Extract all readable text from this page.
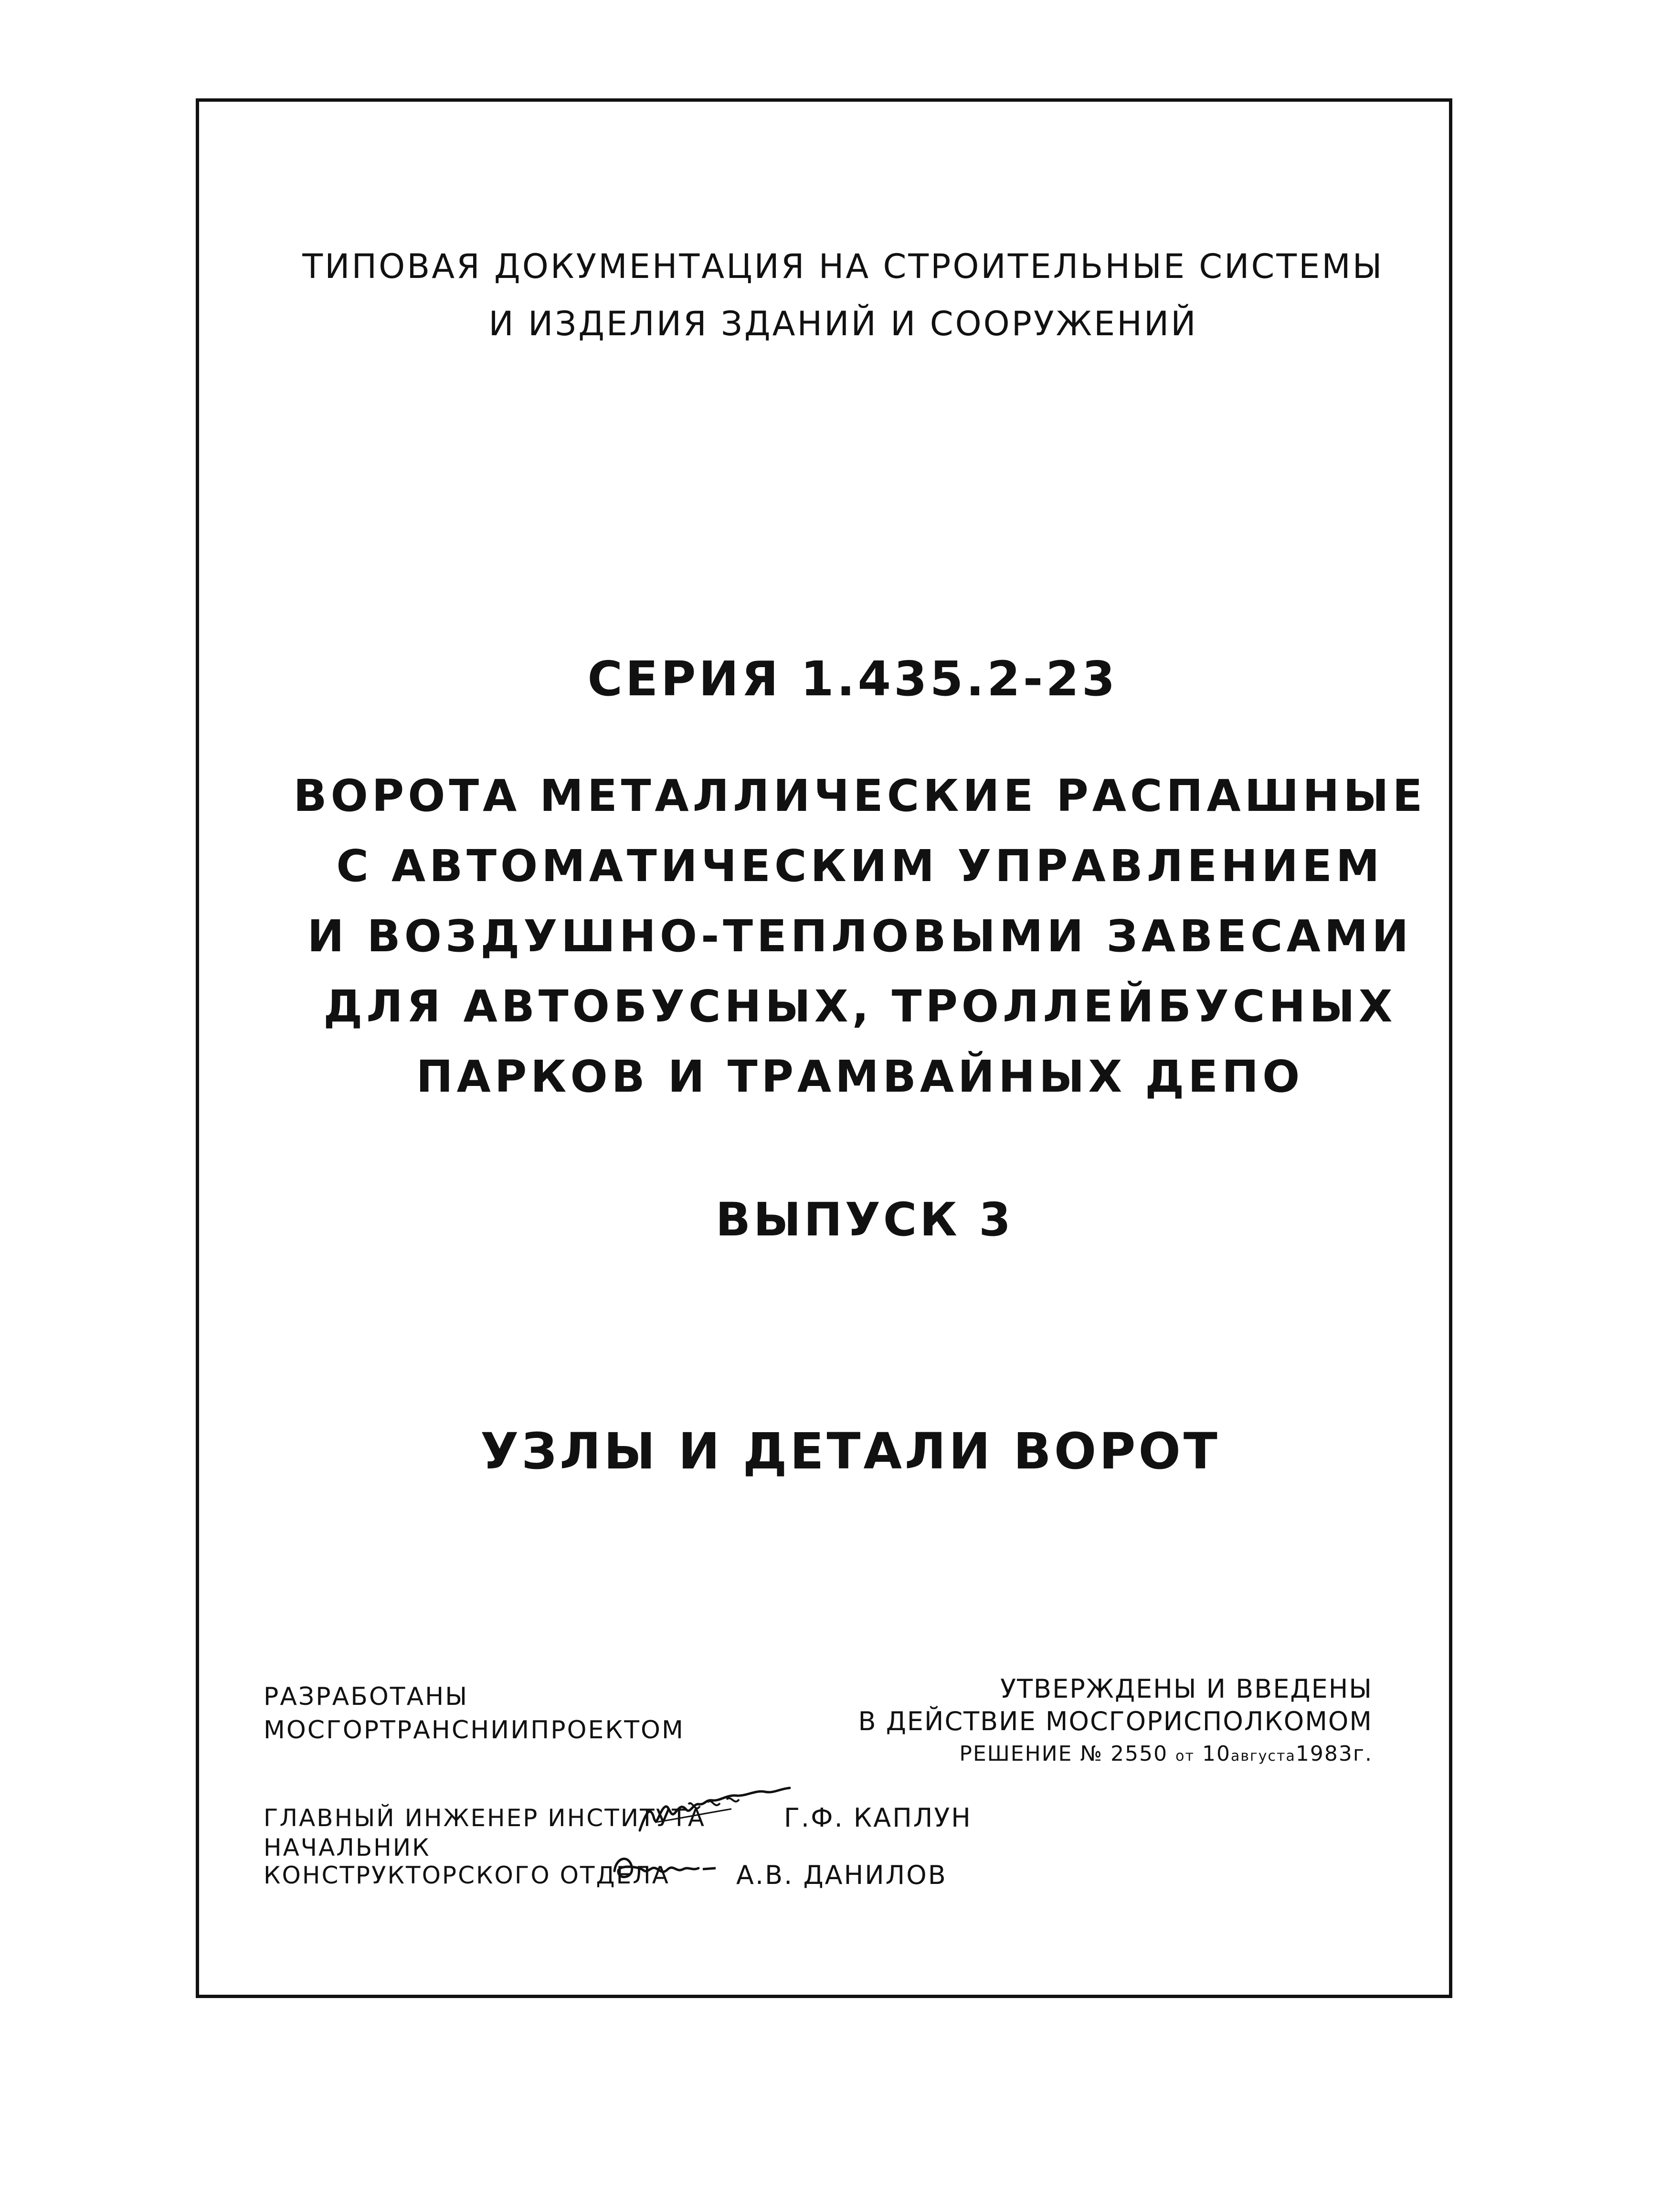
ТИПОВАЯ ДОКУМЕНТАЦИЯ НА СТРОИТЕЛЬНЫЕ СИСТЕМЫ
И ИЗДЕЛИЯ ЗДАНИЙ И СООРУЖЕНИЙ
СЕРИЯ 1.435.2-23
ВОРОТА МЕТАЛЛИЧЕСКИЕ РАСПАШНЫЕ
С АВТОМАТИЧЕСКИМ УПРАВЛЕНИЕМ
И ВОЗДУШНО-ТЕПЛОВЫМИ ЗАВЕСАМИ
ДЛЯ АВТОБУСНЫХ, ТРОЛЛЕЙБУСНЫХ
ПАРКОВ И ТРАМВАЙНЫХ ДЕПО
ВЫПУСК 3
УЗЛЫ И ДЕТАЛИ ВОРОТ
РАЗРАБОТАНЫ
МОСГОРТРАНСНИИПРОЕКТОМ
УТВЕРЖДЕНЫ И ВВЕДЕНЫ
В ДЕЙСТВИЕ МОСГОРИСПОЛКОМОМ
РЕШЕНИЕ № 2550 от 10августа1983г.
ГЛАВНЫЙ ИНЖЕНЕР ИНСТИТУТА	Г.Ф. КАПЛУН
НАЧАЛЬНИК
КОНСТРУКТОРСКОГО ОТДЕЛА	А.В. ДАНИЛОВ
